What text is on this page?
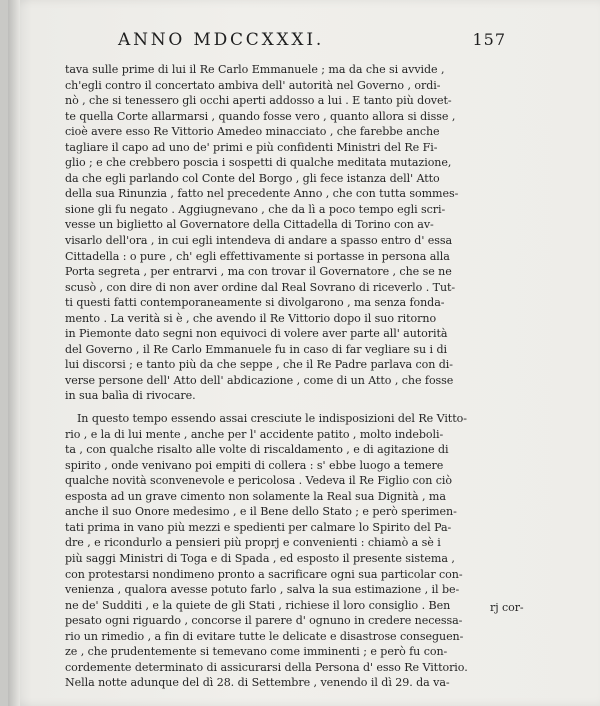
ANNO MDCCXXXI.	157
tava sulle prime di lui il Re Carlo Emmanuele ; ma da che si avvide ,
ch'egli contro il concertato ambiva dell' autorità nel Governo , ordi-
nò , che si tenessero gli occhi aperti addosso a lui . E tanto più dovet-
te quella Corte allarmarsi , quando fosse vero , quanto allora si disse ,
cioè avere esso Re Vittorio Amedeo minacciato , che farebbe anche
tagliare il capo ad uno de' primi e più confidenti Ministri del Re Fi-
glio ; e che crebbero poscia i sospetti di qualche meditata mutazione,
da che egli parlando col Conte del Borgo , gli fece istanza dell' Atto
della sua Rinunzia , fatto nel precedente Anno , che con tutta sommes-
sione gli fu negato . Aggiugnevano , che da lì a poco tempo egli scri-
vesse un biglietto al Governatore della Cittadella di Torino con av-
visarlo dell'ora , in cui egli intendeva di andare a spasso entro d' essa
Cittadella : o pure , ch' egli effettivamente si portasse in persona alla
Porta segreta , per entrarvi , ma con trovar il Governatore , che se ne
scusò , con dire di non aver ordine dal Real Sovrano di riceverlo . Tut-
ti questi fatti contemporaneamente si divolgarono , ma senza fonda-
mento . La verità si è , che avendo il Re Vittorio dopo il suo ritorno
in Piemonte dato segni non equivoci di volere aver parte all' autorità
del Governo , il Re Carlo Emmanuele fu in caso di far vegliare su i di
lui discorsi ; e tanto più da che seppe , che il Re Padre parlava con di-
verse persone dell' Atto dell' abdicazione , come di un Atto , che fosse
in sua balìa di rivocare.
In questo tempo essendo assai cresciute le indisposizioni del Re Vitto-
rio , e la di lui mente , anche per l' accidente patito , molto indeboli-
ta , con qualche risalto alle volte di riscaldamento , e di agitazione di
spirito , onde venivano poi empiti di collera : s' ebbe luogo a temere
qualche novità sconvenevole e pericolosa . Vedeva il Re Figlio con ciò
esposta ad un grave cimento non solamente la Real sua Dignità , ma
anche il suo Onore medesimo , e il Bene dello Stato ; e però sperimen-
tati prima in vano più mezzi e spedienti per calmare lo Spirito del Pa-
dre , e ricondurlo a pensieri più proprj e convenienti : chiamò a sè i
più saggi Ministri di Toga e di Spada , ed esposto il presente sistema ,
con protestarsi nondimeno pronto a sacrificare ogni sua particolar con-
venienza , qualora avesse potuto farlo , salva la sua estimazione , il be-
ne de' Sudditi , e la quiete de gli Stati , richiese il loro consiglio . Ben
pesato ogni riguardo , concorse il parere d' ognuno in credere necessa-
rio un rimedio , a fin di evitare tutte le delicate e disastrose conseguen-
ze , che prudentemente si temevano come imminenti ; e però fu con-
cordemente determinato di assicurarsi della Persona d' esso Re Vittorio.
Nella notte adunque del dì 28. di Settembre , venendo il dì 29. da va-
rj cor-
